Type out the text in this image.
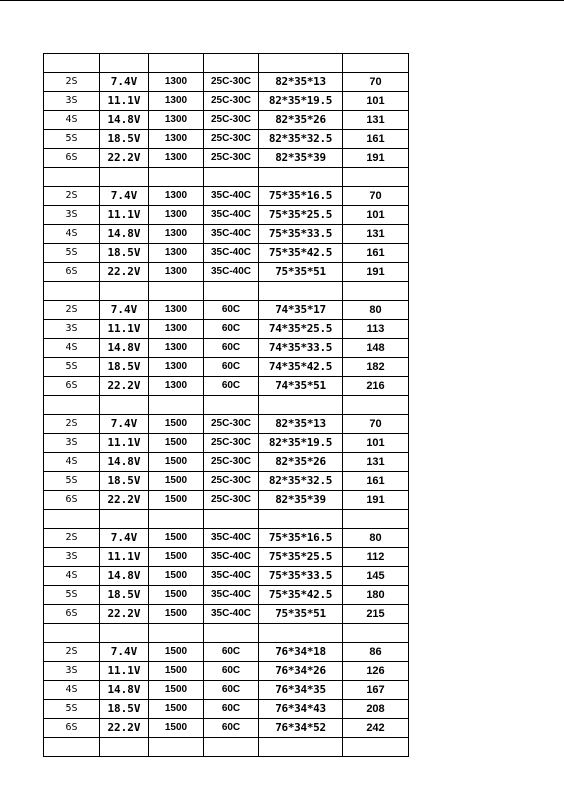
2S	7.4V	1300	25C-30C	82*35*13	70
3S	11.1V	1300	25C-30C	82*35*19.5	101
4S	14.8V	1300	25C-30C	82*35*26	131
5S	18.5V	1300	25C-30C	82*35*32.5	161
6S	22.2V	1300	25C-30C	82*35*39	191

2S	7.4V	1300	35C-40C	75*35*16.5	70
3S	11.1V	1300	35C-40C	75*35*25.5	101
4S	14.8V	1300	35C-40C	75*35*33.5	131
5S	18.5V	1300	35C-40C	75*35*42.5	161
6S	22.2V	1300	35C-40C	75*35*51	191

2S	7.4V	1300	60C	74*35*17	80
3S	11.1V	1300	60C	74*35*25.5	113
4S	14.8V	1300	60C	74*35*33.5	148
5S	18.5V	1300	60C	74*35*42.5	182
6S	22.2V	1300	60C	74*35*51	216

2S	7.4V	1500	25C-30C	82*35*13	70
3S	11.1V	1500	25C-30C	82*35*19.5	101
4S	14.8V	1500	25C-30C	82*35*26	131
5S	18.5V	1500	25C-30C	82*35*32.5	161
6S	22.2V	1500	25C-30C	82*35*39	191

2S	7.4V	1500	35C-40C	75*35*16.5	80
3S	11.1V	1500	35C-40C	75*35*25.5	112
4S	14.8V	1500	35C-40C	75*35*33.5	145
5S	18.5V	1500	35C-40C	75*35*42.5	180
6S	22.2V	1500	35C-40C	75*35*51	215

2S	7.4V	1500	60C	76*34*18	86
3S	11.1V	1500	60C	76*34*26	126
4S	14.8V	1500	60C	76*34*35	167
5S	18.5V	1500	60C	76*34*43	208
6S	22.2V	1500	60C	76*34*52	242
